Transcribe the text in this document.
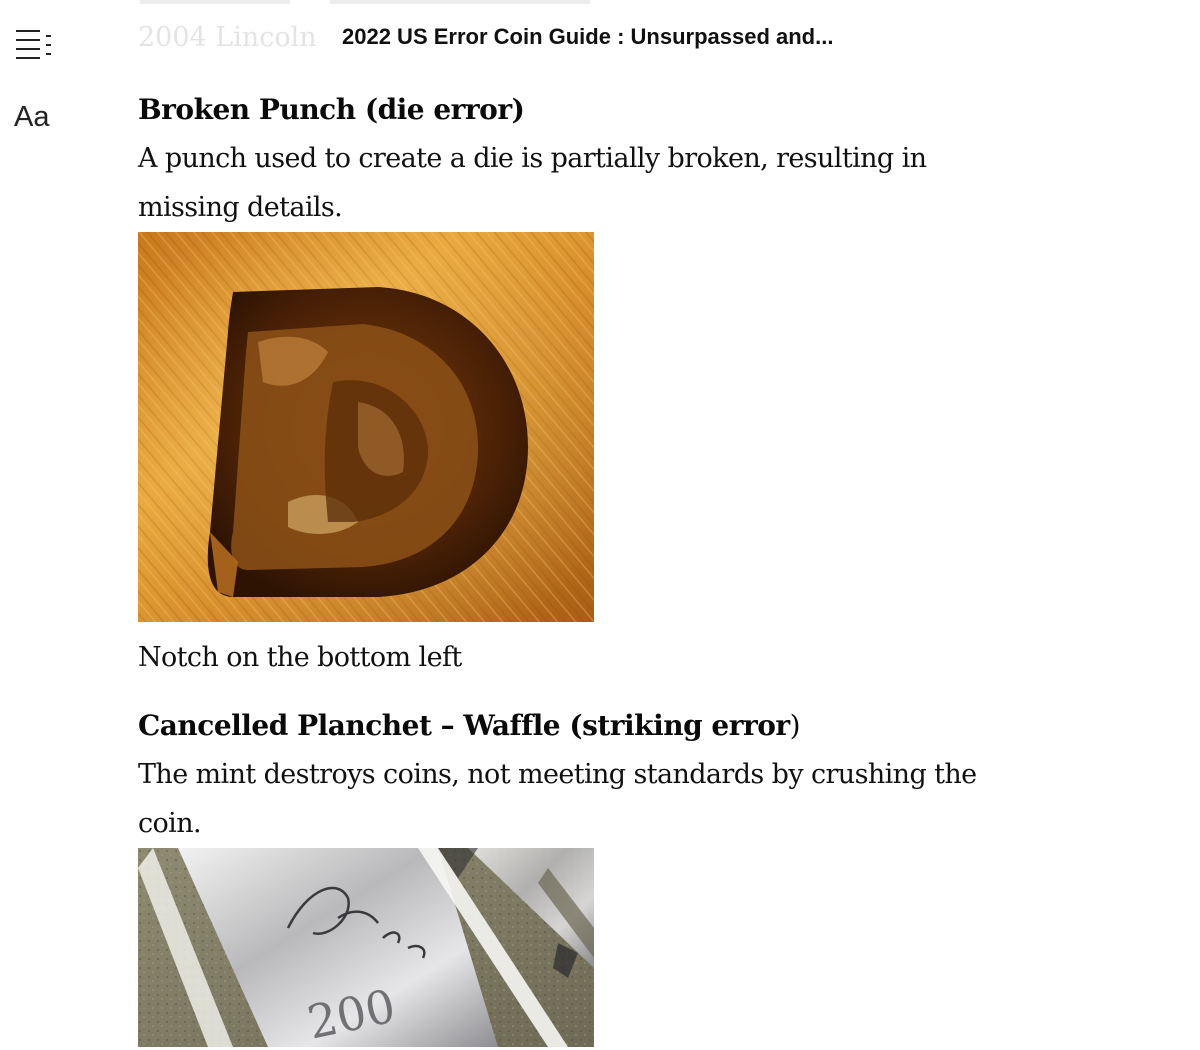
Aa
2004 Lincoln 2022 US Error Coin Guide : Unsurpassed and...
Broken Punch (die error)

A punch used to create a die is partially broken, resulting in missing details.

Notch on the bottom left

Cancelled Planchet – Waffle (striking error)

The mint destroys coins, not meeting standards by crushing the coin.

200
